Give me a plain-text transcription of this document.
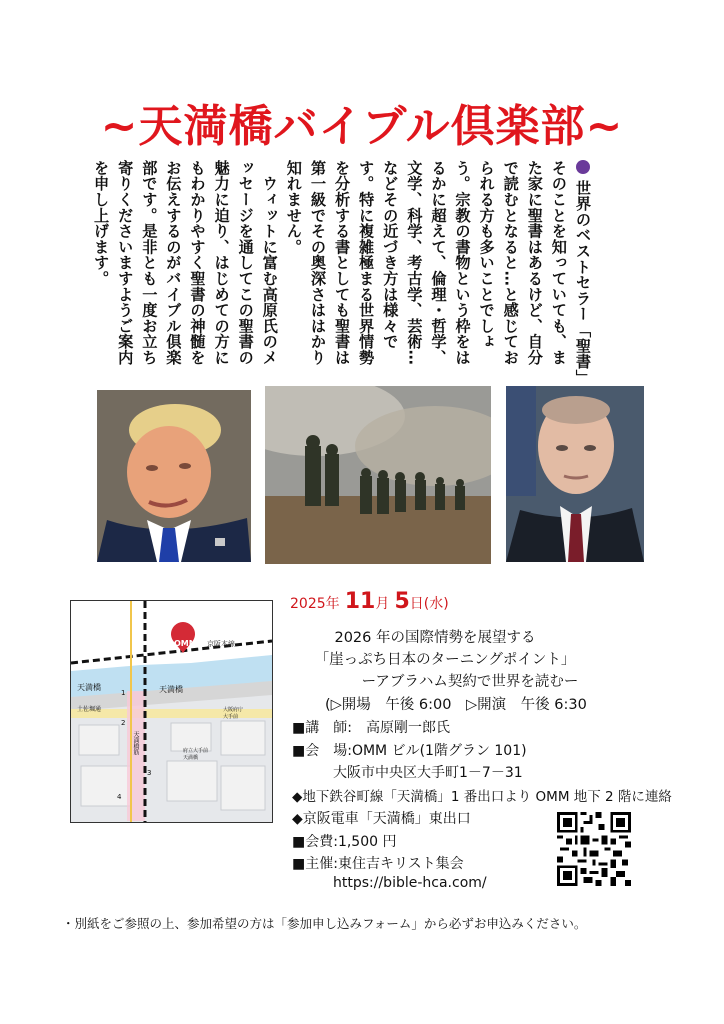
~天満橋バイブル倶楽部~

世界のベストセラー「聖書」そのことを知っていても、また家に聖書はあるけど、自分で読むとなると…と感じておられる方も多いことでしょう。宗教の書物という枠をはるかに超えて、倫理・哲学、文学、科学、考古学、芸術…などその近づき方は様々です。特に複雑極まる世界情勢を分析する書としても聖書は第一級でその奥深さははかり知れません。

　ウィットに富む高原氏のメッセージを通してこの聖書の魅力に迫り、はじめての方にもわかりやすく聖書の神髄をお伝えするのがバイブル倶楽部です。是非とも一度お立ち寄りくださいますようご案内を申し上げます。

OMM 京阪本線
天満橋	天満橋
土佐堀通
天満橋筋
大阪府庁
大手前
府立大手前
天満橋
1
2
3
4
2025年 11月 5日(水)
2026 年の国際情勢を展望する
「崖っぷち日本のターニングポイント」
ーアブラハム契約で世界を読むー
(▷開場　午後 6:00　▷開演　午後 6:30
■講　師:　高原剛一郎氏
■会　場:OMM ビル(1階グラン 101)
大阪市中央区大手町1－7－31
◆地下鉄谷町線「天満橋」1 番出口より OMM 地下 2 階に連絡
◆京阪電車「天満橋」東出口
■会費:1,500 円
■主催:東住吉キリスト集会
https://bible-hca.com/
・別紙をご参照の上、参加希望の方は「参加申し込みフォーム」から必ずお申込みください。
